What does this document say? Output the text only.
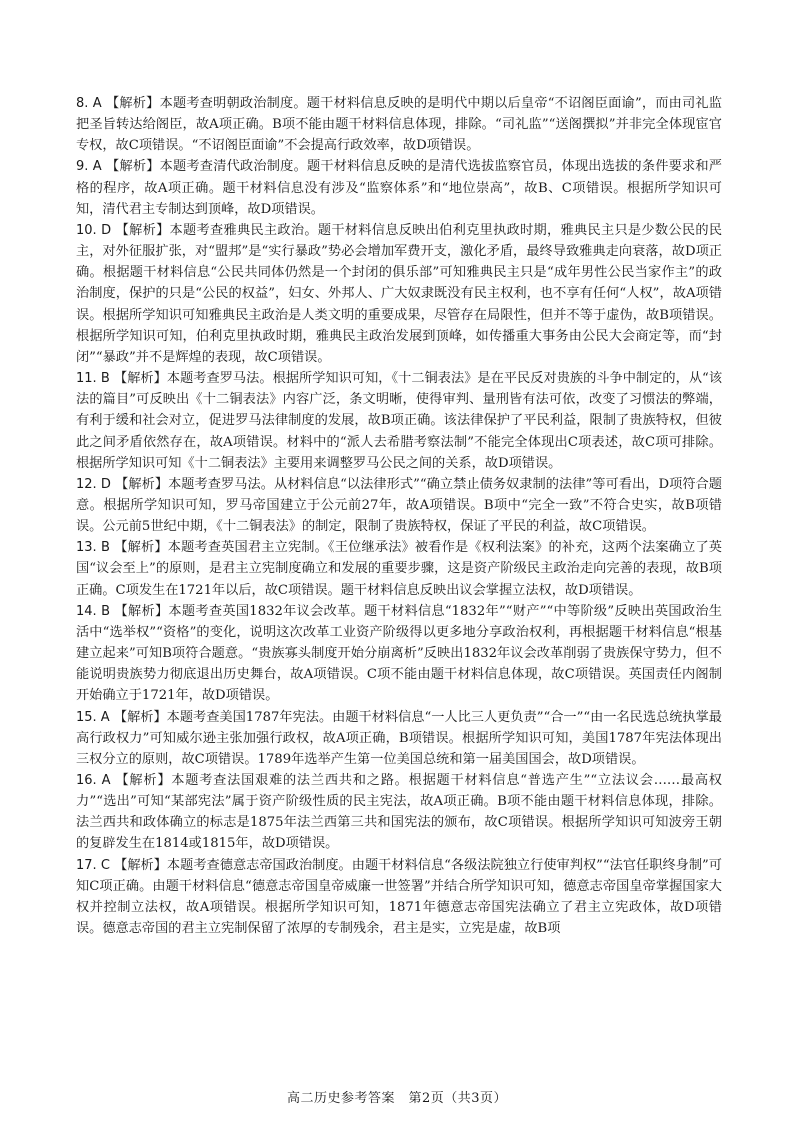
8. A 【解析】本题考查明朝政治制度。题干材料信息反映的是明代中期以后皇帝“不诏阁臣面谕”，而由司礼监把圣旨转达给阁臣，故A项正确。B项不能由题干材料信息体现，排除。“司礼监”“送阁撰拟”并非完全体现宦官专权，故C项错误。“不诏阁臣面谕”不会提高行政效率，故D项错误。

9. A 【解析】本题考查清代政治制度。题干材料信息反映的是清代选拔监察官员，体现出选拔的条件要求和严格的程序，故A项正确。题干材料信息没有涉及“监察体系”和“地位崇高”，故B、C项错误。根据所学知识可知，清代君主专制达到顶峰，故D项错误。

10. D 【解析】本题考查雅典民主政治。题干材料信息反映出伯利克里执政时期，雅典民主只是少数公民的民主，对外征服扩张，对“盟邦”是“实行暴政”势必会增加军费开支，激化矛盾，最终导致雅典走向衰落，故D项正确。根据题干材料信息“公民共同体仍然是一个封闭的俱乐部”可知雅典民主只是“成年男性公民当家作主”的政治制度，保护的只是“公民的权益”，妇女、外邦人、广大奴隶既没有民主权利，也不享有任何“人权”，故A项错误。根据所学知识可知雅典民主政治是人类文明的重要成果，尽管存在局限性，但并不等于虚伪，故B项错误。根据所学知识可知，伯利克里执政时期，雅典民主政治发展到顶峰，如传播重大事务由公民大会商定等，而“封闭”“暴政”并不是辉煌的表现，故C项错误。

11. B 【解析】本题考查罗马法。根据所学知识可知，《十二铜表法》是在平民反对贵族的斗争中制定的，从“该法的篇目”可反映出《十二铜表法》内容广泛，条文明晰，使得审判、量刑皆有法可依，改变了习惯法的弊端，有利于缓和社会对立，促进罗马法律制度的发展，故B项正确。该法律保护了平民利益，限制了贵族特权，但彼此之间矛盾依然存在，故A项错误。材料中的“派人去希腊考察法制”不能完全体现出C项表述，故C项可排除。根据所学知识可知《十二铜表法》主要用来调整罗马公民之间的关系，故D项错误。

12. D 【解析】本题考查罗马法。从材料信息“以法律形式”“确立禁止债务奴隶制的法律”等可看出，D项符合题意。根据所学知识可知，罗马帝国建立于公元前27年，故A项错误。B项中“完全一致”不符合史实，故B项错误。公元前5世纪中期，《十二铜表法》的制定，限制了贵族特权，保证了平民的利益，故C项错误。

13. B 【解析】本题考查英国君主立宪制。《王位继承法》被看作是《权利法案》的补充，这两个法案确立了英国“议会至上”的原则，是君主立宪制度确立和发展的重要步骤，这是资产阶级民主政治走向完善的表现，故B项正确。C项发生在1721年以后，故C项错误。题干材料信息反映出议会掌握立法权，故D项错误。

14. B 【解析】本题考查英国1832年议会改革。题干材料信息“1832年”“财产”“中等阶级”反映出英国政治生活中“选举权”“资格”的变化，说明这次改革工业资产阶级得以更多地分享政治权利，再根据题干材料信息“根基建立起来”可知B项符合题意。“贵族寡头制度开始分崩离析”反映出1832年议会改革削弱了贵族保守势力，但不能说明贵族势力彻底退出历史舞台，故A项错误。C项不能由题干材料信息体现，故C项错误。英国责任内阁制开始确立于1721年，故D项错误。

15. A 【解析】本题考查美国1787年宪法。由题干材料信息“一人比三人更负责”“合一”“由一名民选总统执掌最高行政权力”可知威尔逊主张加强行政权，故A项正确，B项错误。根据所学知识可知，美国1787年宪法体现出三权分立的原则，故C项错误。1789年选举产生第一位美国总统和第一届美国国会，故D项错误。

16. A 【解析】本题考查法国艰难的法兰西共和之路。根据题干材料信息“普选产生”“立法议会……最高权力”“选出”可知“某部宪法”属于资产阶级性质的民主宪法，故A项正确。B项不能由题干材料信息体现，排除。法兰西共和政体确立的标志是1875年法兰西第三共和国宪法的颁布，故C项错误。根据所学知识可知波旁王朝的复辟发生在1814或1815年，故D项错误。

17. C 【解析】本题考查德意志帝国政治制度。由题干材料信息“各级法院独立行使审判权”“法官任职终身制”可知C项正确。由题干材料信息“德意志帝国皇帝威廉一世签署”并结合所学知识可知，德意志帝国皇帝掌握国家大权并控制立法权，故A项错误。根据所学知识可知，1871年德意志帝国宪法确立了君主立宪政体，故D项错误。德意志帝国的君主立宪制保留了浓厚的专制残余，君主是实，立宪是虚，故B项

高二历史参考答案　第2页（共3页）
